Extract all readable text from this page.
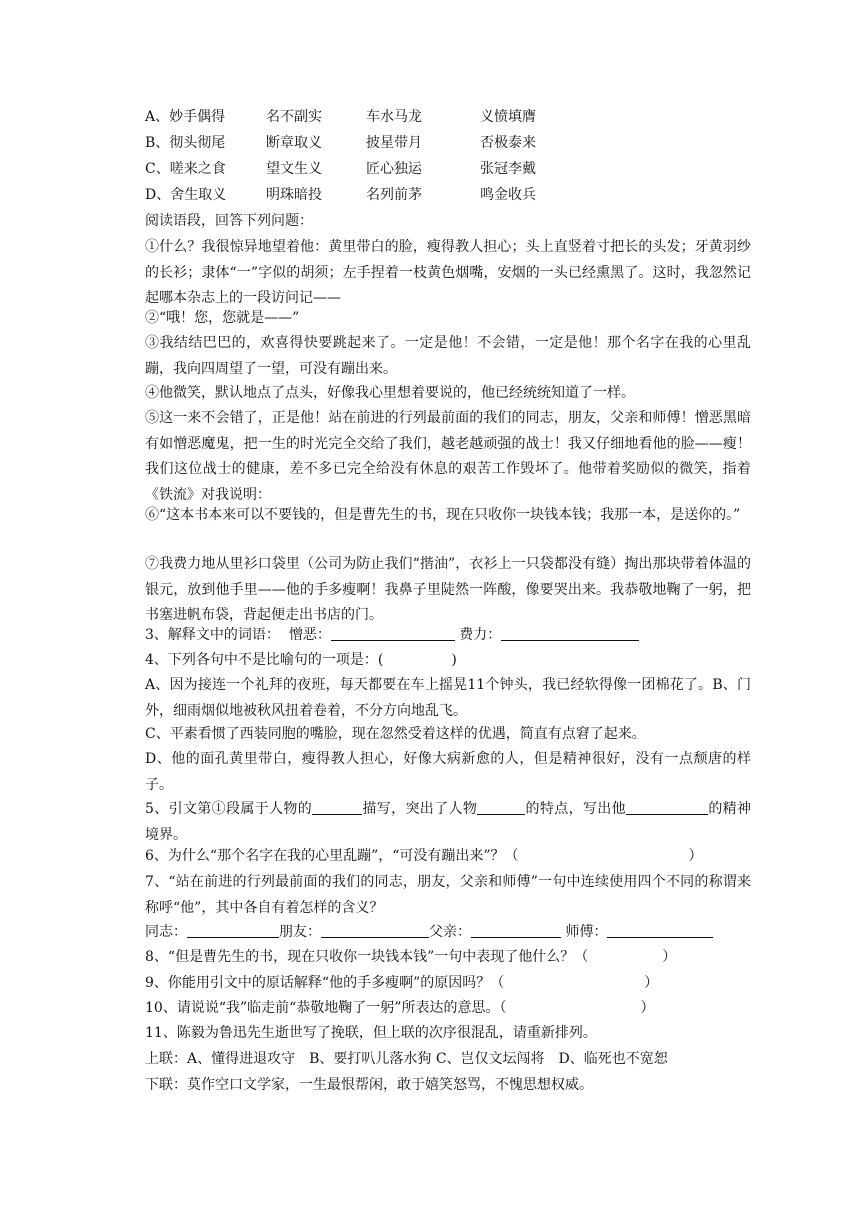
A、妙手偶得	名不副实	车水马龙	义愤填膺
B、彻头彻尾	断章取义	披星带月	否极泰来
C、嗟来之食	望文生义	匠心独运	张冠李戴
D、舍生取义	明珠暗投	名列前茅	鸣金收兵
阅读语段，回答下列问题：
①什么？我很惊异地望着他：黄里带白的脸，瘦得教人担心；头上直竖着寸把长的头发；牙黄羽纱的长衫；隶体“一”字似的胡须；左手捏着一枝黄色烟嘴，安烟的一头已经熏黑了。这时，我忽然记起哪本杂志上的一段访问记——
②“哦！您，您就是——”
③我结结巴巴的，欢喜得快要跳起来了。一定是他！不会错，一定是他！那个名字在我的心里乱蹦，我向四周望了一望，可没有蹦出来。
④他微笑，默认地点了点头，好像我心里想着要说的，他已经统统知道了一样。
⑤这一来不会错了，正是他！站在前进的行列最前面的我们的同志，朋友，父亲和师傅！憎恶黑暗有如憎恶魔鬼，把一生的时光完全交给了我们，越老越顽强的战士！我又仔细地看他的脸——瘦！我们这位战士的健康，差不多已完全给没有休息的艰苦工作毁坏了。他带着奖励似的微笑，指着《铁流》对我说明：
⑥“这本书本来可以不要钱的，但是曹先生的书，现在只收你一块钱本钱；我那一本，是送你的。”
⑦我费力地从里衫口袋里（公司为防止我们“揩油”，衣衫上一只袋都没有缝）掏出那块带着体温的银元，放到他手里——他的手多瘦啊！我鼻子里陡然一阵酸，像要哭出来。我恭敬地鞠了一躬，把书塞进帆布袋，背起便走出书店的门。
3、解释文中的词语： 憎恶：	费力：
4、下列各句中不是比喻句的一项是：(	)
A、因为接连一个礼拜的夜班，每天都要在车上摇晃11个钟头，我已经软得像一团棉花了。B、门外，细雨烟似地被秋风扭着卷着，不分方向地乱飞。
C、平素看惯了西装同胞的嘴脸，现在忽然受着这样的优遇，简直有点窘了起来。
D、他的面孔黄里带白，瘦得教人担心，好像大病新愈的人，但是精神很好，没有一点颓唐的样子。
5、引文第①段属于人物的	描写，突出了人物	的特点，写出他	的精神境界。
6、为什么“那个名字在我的心里乱蹦”，“可没有蹦出来”？（	）
7、“站在前进的行列最前面的我们的同志，朋友，父亲和师傅”一句中连续使用四个不同的称谓来称呼“他”，其中各自有着怎样的含义？
同志：	朋友：	父亲：	师傅：
8、“但是曹先生的书，现在只收你一块钱本钱”一句中表现了他什么？（	）
9、你能用引文中的原话解释“他的手多瘦啊”的原因吗？（	）
10、请说说“我”临走前“恭敬地鞠了一躬”所表达的意思。（	）
11、陈毅为鲁迅先生逝世写了挽联，但上联的次序很混乱，请重新排列。
上联：A、懂得进退攻守　B、要打叭儿落水狗 C、岂仅文坛闯将　D、临死也不宽恕
下联：莫作空口文学家，一生最恨帮闲，敢于嬉笑怒骂，不愧思想权威。
